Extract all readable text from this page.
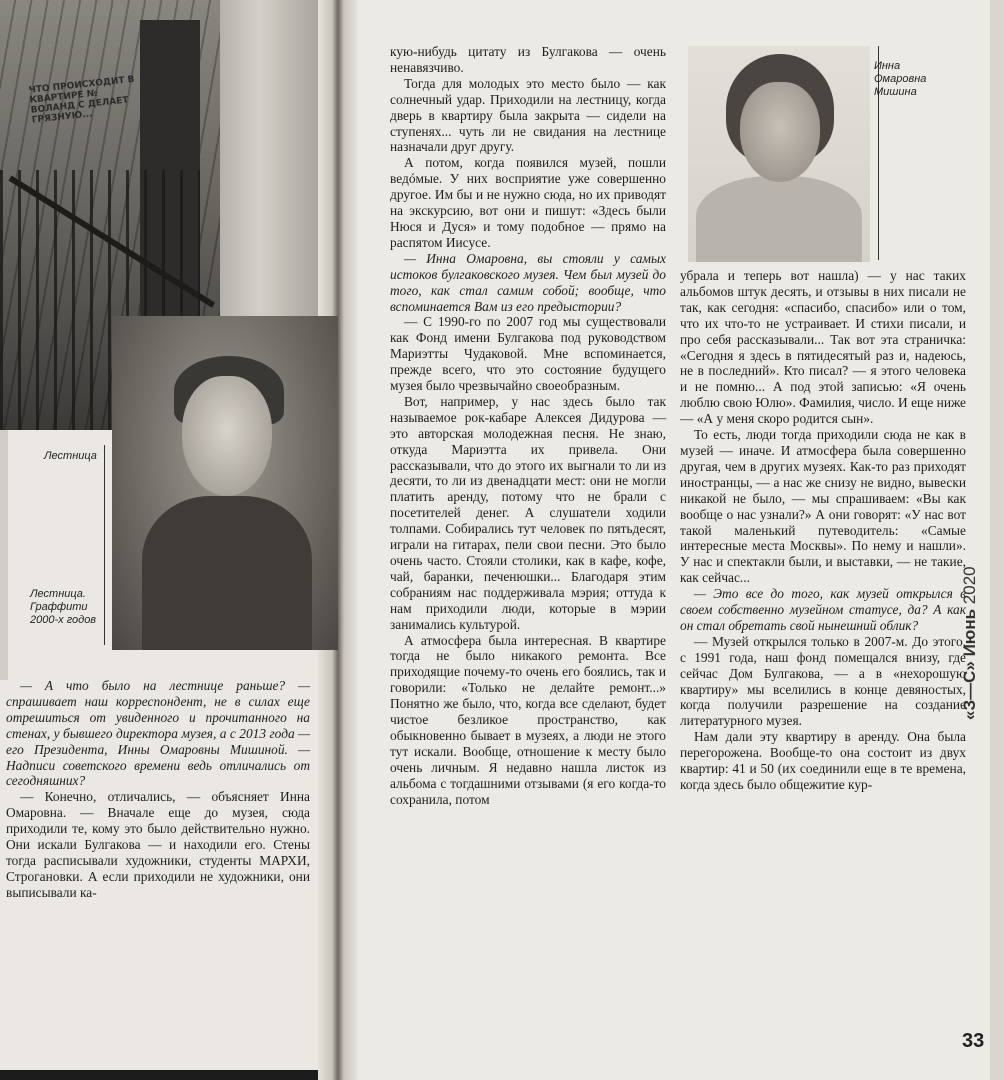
ЧТО ПРОИСХОДИТ В КВАРТИРЕ № ВОЛАНД С ДЕЛАЕТ ГРЯЗНУЮ...
Лестница
Лестница. Граффити 2000-х годов
Инна Омаровна Мишина

— А что было на лестнице раньше? — спрашивает наш корреспондент, не в силах еще отрешиться от увиденного и прочитанного на стенах, у бывшего директора музея, а с 2013 года — его Президента, Инны Омаровны Мишиной. — Надписи советского времени ведь отличались от сегодняшних?

— Конечно, отличались, — объясняет Инна Омаровна. — Вначале еще до музея, сюда приходили те, кому это было действительно нужно. Они искали Булгакова — и находили его. Стены тогда расписывали художники, студенты МАРХИ, Строгановки. А если приходили не художники, они выписывали ка-

кую-нибудь цитату из Булгакова — очень ненавязчиво.

Тогда для молодых это место было — как солнечный удар. Приходили на лестницу, когда дверь в квартиру была закрыта — сидели на ступенях... чуть ли не свидания на лестнице назначали друг другу.

А потом, когда появился музей, пошли ведóмые. У них восприятие уже совершенно другое. Им бы и не нужно сюда, но их приводят на экскурсию, вот они и пишут: «Здесь были Нюся и Дуся» и тому подобное — прямо на распятом Иисусе.

— Инна Омаровна, вы стояли у самых истоков булгаковского музея. Чем был музей до того, как стал самим собой; вообще, что вспоминается Вам из его предыстории?

— С 1990-го по 2007 год мы существовали как Фонд имени Булгакова под руководством Мариэтты Чудаковой. Мне вспоминается, прежде всего, что это состояние будущего музея было чрезвычайно своеобразным.

Вот, например, у нас здесь было так называемое рок-кабаре Алексея Дидурова — это авторская молодежная песня. Не знаю, откуда Мариэтта их привела. Они рассказывали, что до этого их выгнали то ли из десяти, то ли из двенадцати мест: они не могли платить аренду, потому что не брали с посетителей денег. А слушатели ходили толпами. Собирались тут человек по пятьдесят, играли на гитарах, пели свои песни. Это было очень часто. Стояли столики, как в кафе, кофе, чай, баранки, печенюшки... Благодаря этим собраниям нас поддерживала мэрия; оттуда к нам приходили люди, которые в мэрии занимались культурой.

А атмосфера была интересная. В квартире тогда не было никакого ремонта. Все приходящие почему-то очень его боялись, так и говорили: «Только не делайте ремонт...» Понятно же было, что, когда все сделают, будет чистое безликое пространство, как обыкновенно бывает в музеях, а люди не этого тут искали. Вообще, отношение к месту было очень личным. Я недавно нашла листок из альбома с тогдашними отзывами (я его когда-то сохранила, потом

убрала и теперь вот нашла) — у нас таких альбомов штук десять, и отзывы в них писали не так, как сегодня: «спасибо, спасибо» или о том, что их что-то не устраивает. И стихи писали, и про себя рассказывали... Так вот эта страничка: «Сегодня я здесь в пятидесятый раз и, надеюсь, не в последний». Кто писал? — я этого человека и не помню... А под этой записью: «Я очень люблю свою Юлю». Фамилия, число. И еще ниже — «А у меня скоро родится сын».

То есть, люди тогда приходили сюда не как в музей — иначе. И атмосфера была совершенно другая, чем в других музеях. Как-то раз приходят иностранцы, — а нас же снизу не видно, вывески никакой не было, — мы спрашиваем: «Вы как вообще о нас узнали?» А они говорят: «У нас вот такой маленький путеводитель: «Самые интересные места Москвы». По нему и нашли». У нас и спектакли были, и выставки, — не такие, как сейчас...

— Это все до того, как музей открылся в своем собственно музейном статусе, да? А как он стал обретать свой нынешний облик?

— Музей открылся только в 2007-м. До этого, с 1991 года, наш фонд помещался внизу, где сейчас Дом Булгакова, — а в «нехорошую квартиру» мы вселились в конце девяностых, когда получили разрешение на создание литературного музея.

Нам дали эту квартиру в аренду. Она была перегорожена. Вообще-то она состоит из двух квартир: 41 и 50 (их соединили еще в те времена, когда здесь было общежитие кур-

«З—С» Июнь 2020
33
